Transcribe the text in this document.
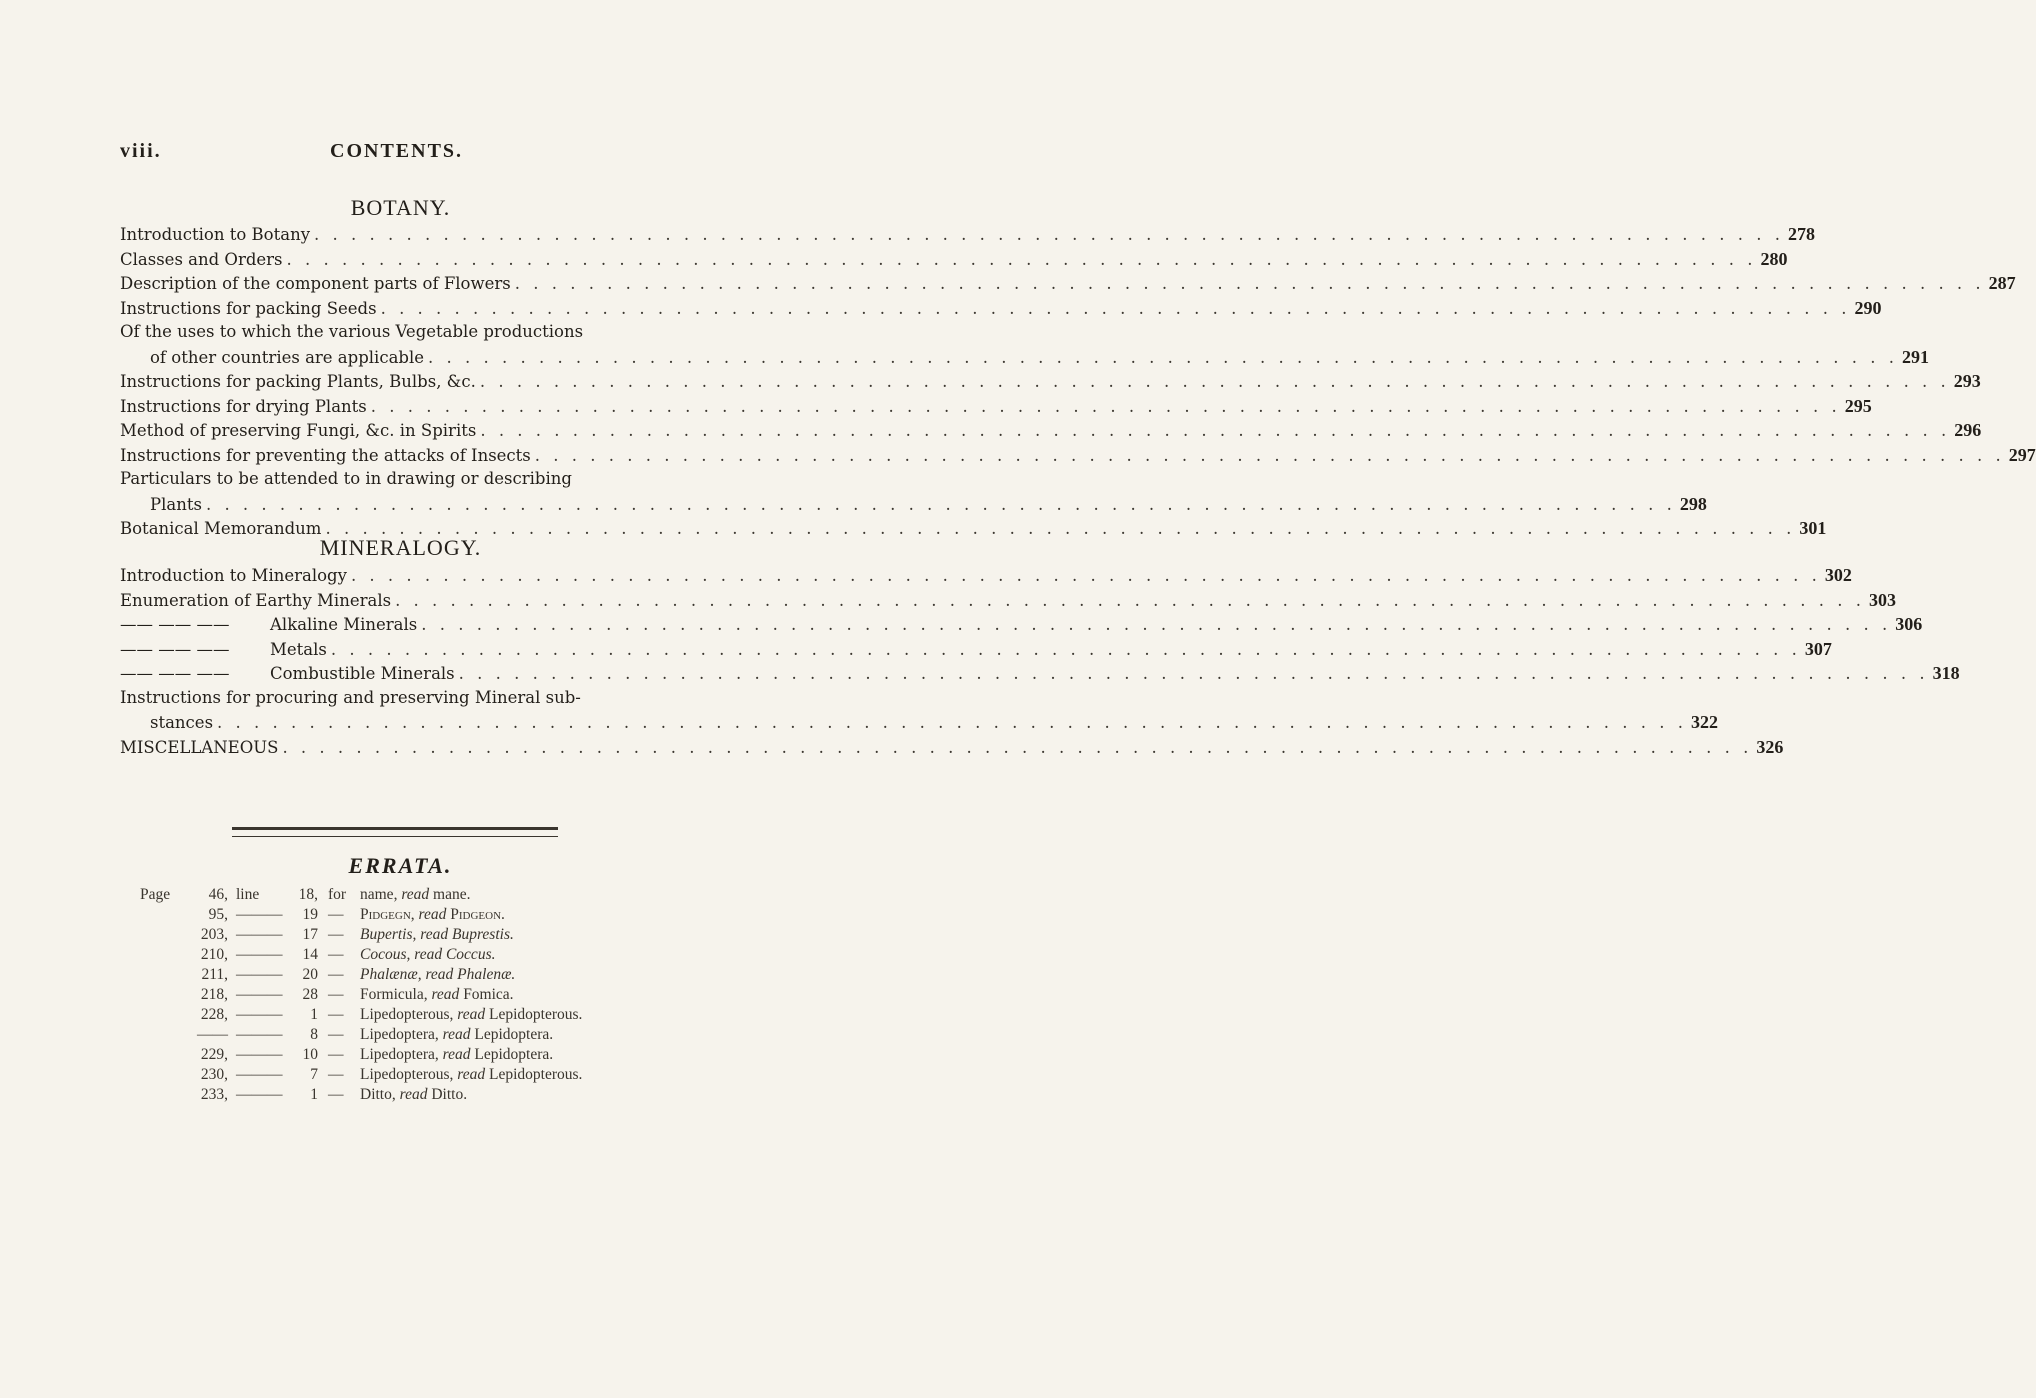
viii.	CONTENTS.
BOTANY.
Introduction to Botany . . . . . . . . . . . . . . . . . . . . . . . . . . . . . . . . . . . . . . . . . . . . . . . . . . . . . . . . . . . . . . . . . . . . . . . . . . . . . . . . 278
Classes and Orders . . . . . . . . . . . . . . . . . . . . . . . . . . . . . . . . . . . . . . . . . . . . . . . . . . . . . . . . . . . . . . . . . . . . . . . . . . . . . . . . 280
Description of the component parts of Flowers . . . . . . . . . . . . . . . . . . . . . . . . . . . . . . . . . . . . . . . . . . . . . . . . . . . . . . . . . . . . . . . . . . . . . . . . . . . . . . . . 287
Instructions for packing Seeds . . . . . . . . . . . . . . . . . . . . . . . . . . . . . . . . . . . . . . . . . . . . . . . . . . . . . . . . . . . . . . . . . . . . . . . . . . . . . . . . 290
Of the uses to which the various Vegetable productions
of other countries are applicable . . . . . . . . . . . . . . . . . . . . . . . . . . . . . . . . . . . . . . . . . . . . . . . . . . . . . . . . . . . . . . . . . . . . . . . . . . . . . . . . 291
Instructions for packing Plants, Bulbs, &c. . . . . . . . . . . . . . . . . . . . . . . . . . . . . . . . . . . . . . . . . . . . . . . . . . . . . . . . . . . . . . . . . . . . . . . . . . . . . . . . . 293
Instructions for drying Plants . . . . . . . . . . . . . . . . . . . . . . . . . . . . . . . . . . . . . . . . . . . . . . . . . . . . . . . . . . . . . . . . . . . . . . . . . . . . . . . . 295
Method of preserving Fungi, &c. in Spirits . . . . . . . . . . . . . . . . . . . . . . . . . . . . . . . . . . . . . . . . . . . . . . . . . . . . . . . . . . . . . . . . . . . . . . . . . . . . . . . . 296
Instructions for preventing the attacks of Insects . . . . . . . . . . . . . . . . . . . . . . . . . . . . . . . . . . . . . . . . . . . . . . . . . . . . . . . . . . . . . . . . . . . . . . . . . . . . . . . . 297
Particulars to be attended to in drawing or describing
Plants . . . . . . . . . . . . . . . . . . . . . . . . . . . . . . . . . . . . . . . . . . . . . . . . . . . . . . . . . . . . . . . . . . . . . . . . . . . . . . . . 298
Botanical Memorandum . . . . . . . . . . . . . . . . . . . . . . . . . . . . . . . . . . . . . . . . . . . . . . . . . . . . . . . . . . . . . . . . . . . . . . . . . . . . . . . . 301
MINERALOGY.
Introduction to Mineralogy . . . . . . . . . . . . . . . . . . . . . . . . . . . . . . . . . . . . . . . . . . . . . . . . . . . . . . . . . . . . . . . . . . . . . . . . . . . . . . . . 302
Enumeration of Earthy Minerals . . . . . . . . . . . . . . . . . . . . . . . . . . . . . . . . . . . . . . . . . . . . . . . . . . . . . . . . . . . . . . . . . . . . . . . . . . . . . . . . 303
—— —— ——	Alkaline Minerals . . . . . . . . . . . . . . . . . . . . . . . . . . . . . . . . . . . . . . . . . . . . . . . . . . . . . . . . . . . . . . . . . . . . . . . . . . . . . . . . 306
—— —— ——	Metals . . . . . . . . . . . . . . . . . . . . . . . . . . . . . . . . . . . . . . . . . . . . . . . . . . . . . . . . . . . . . . . . . . . . . . . . . . . . . . . . 307
—— —— ——	Combustible Minerals . . . . . . . . . . . . . . . . . . . . . . . . . . . . . . . . . . . . . . . . . . . . . . . . . . . . . . . . . . . . . . . . . . . . . . . . . . . . . . . . 318
Instructions for procuring and preserving Mineral sub-
stances . . . . . . . . . . . . . . . . . . . . . . . . . . . . . . . . . . . . . . . . . . . . . . . . . . . . . . . . . . . . . . . . . . . . . . . . . . . . . . . . 322
MISCELLANEOUS . . . . . . . . . . . . . . . . . . . . . . . . . . . . . . . . . . . . . . . . . . . . . . . . . . . . . . . . . . . . . . . . . . . . . . . . . . . . . . . . 326
ERRATA.
Page	46, line	18, for name, read mane.
95, ———	19 — Pidgegn, read Pidgeon.
203, ———	17 — Bupertis, read Buprestis.
210, ———	14 — Cocous, read Coccus.
211, ———	20 — Phalænæ, read Phalenæ.
218, ———	28 — Formicula, read Fomica.
228, ———	1 — Lipedopterous, read Lepidopterous.
—— ———	8 — Lipedoptera, read Lepidoptera.
229, ———	10 — Lipedoptera, read Lepidoptera.
230, ———	7 — Lipedopterous, read Lepidopterous.
233, ———	1 — Ditto, read Ditto.
